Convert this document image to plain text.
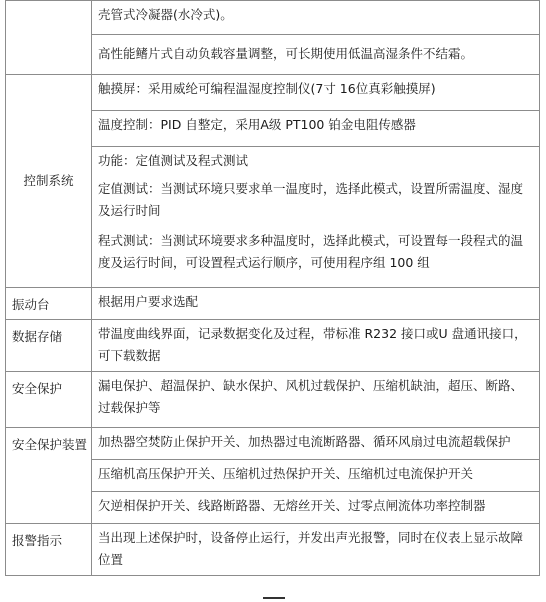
	壳管式冷凝器(水冷式)。
	高性能鳍片式自动负载容量调整，可长期使用低温高湿条件不结霜。
控制系统	触摸屏：采用威纶可编程温湿度控制仪(7寸 16位真彩触摸屏)
	温度控制：PID 自整定，采用A级 PT100 铂金电阻传感器
	功能：定值测试及程式测试
	定值测试：当测试环境只要求单一温度时，选择此模式，设置所需温度、湿度及运行时间
	程式测试：当测试环境要求多种温度时，选择此模式，可设置每一段程式的温度及运行时间，可设置程式运行顺序，可使用程序组 100 组
振动台	根据用户要求选配
数据存储	带温度曲线界面，记录数据变化及过程，带标准 R232 接口或U 盘通讯接口，可下载数据
安全保护	漏电保护、超温保护、缺水保护、风机过载保护、压缩机缺油，超压、断路、过载保护等
安全保护装置	加热器空焚防止保护开关、加热器过电流断路器、循环风扇过电流超载保护
	压缩机高压保护开关、压缩机过热保护开关、压缩机过电流保护开关
	欠逆相保护开关、线路断路器、无熔丝开关、过零点闸流体功率控制器
报警指示	当出现上述保护时，设备停止运行，并发出声光报警，同时在仪表上显示故障位置
